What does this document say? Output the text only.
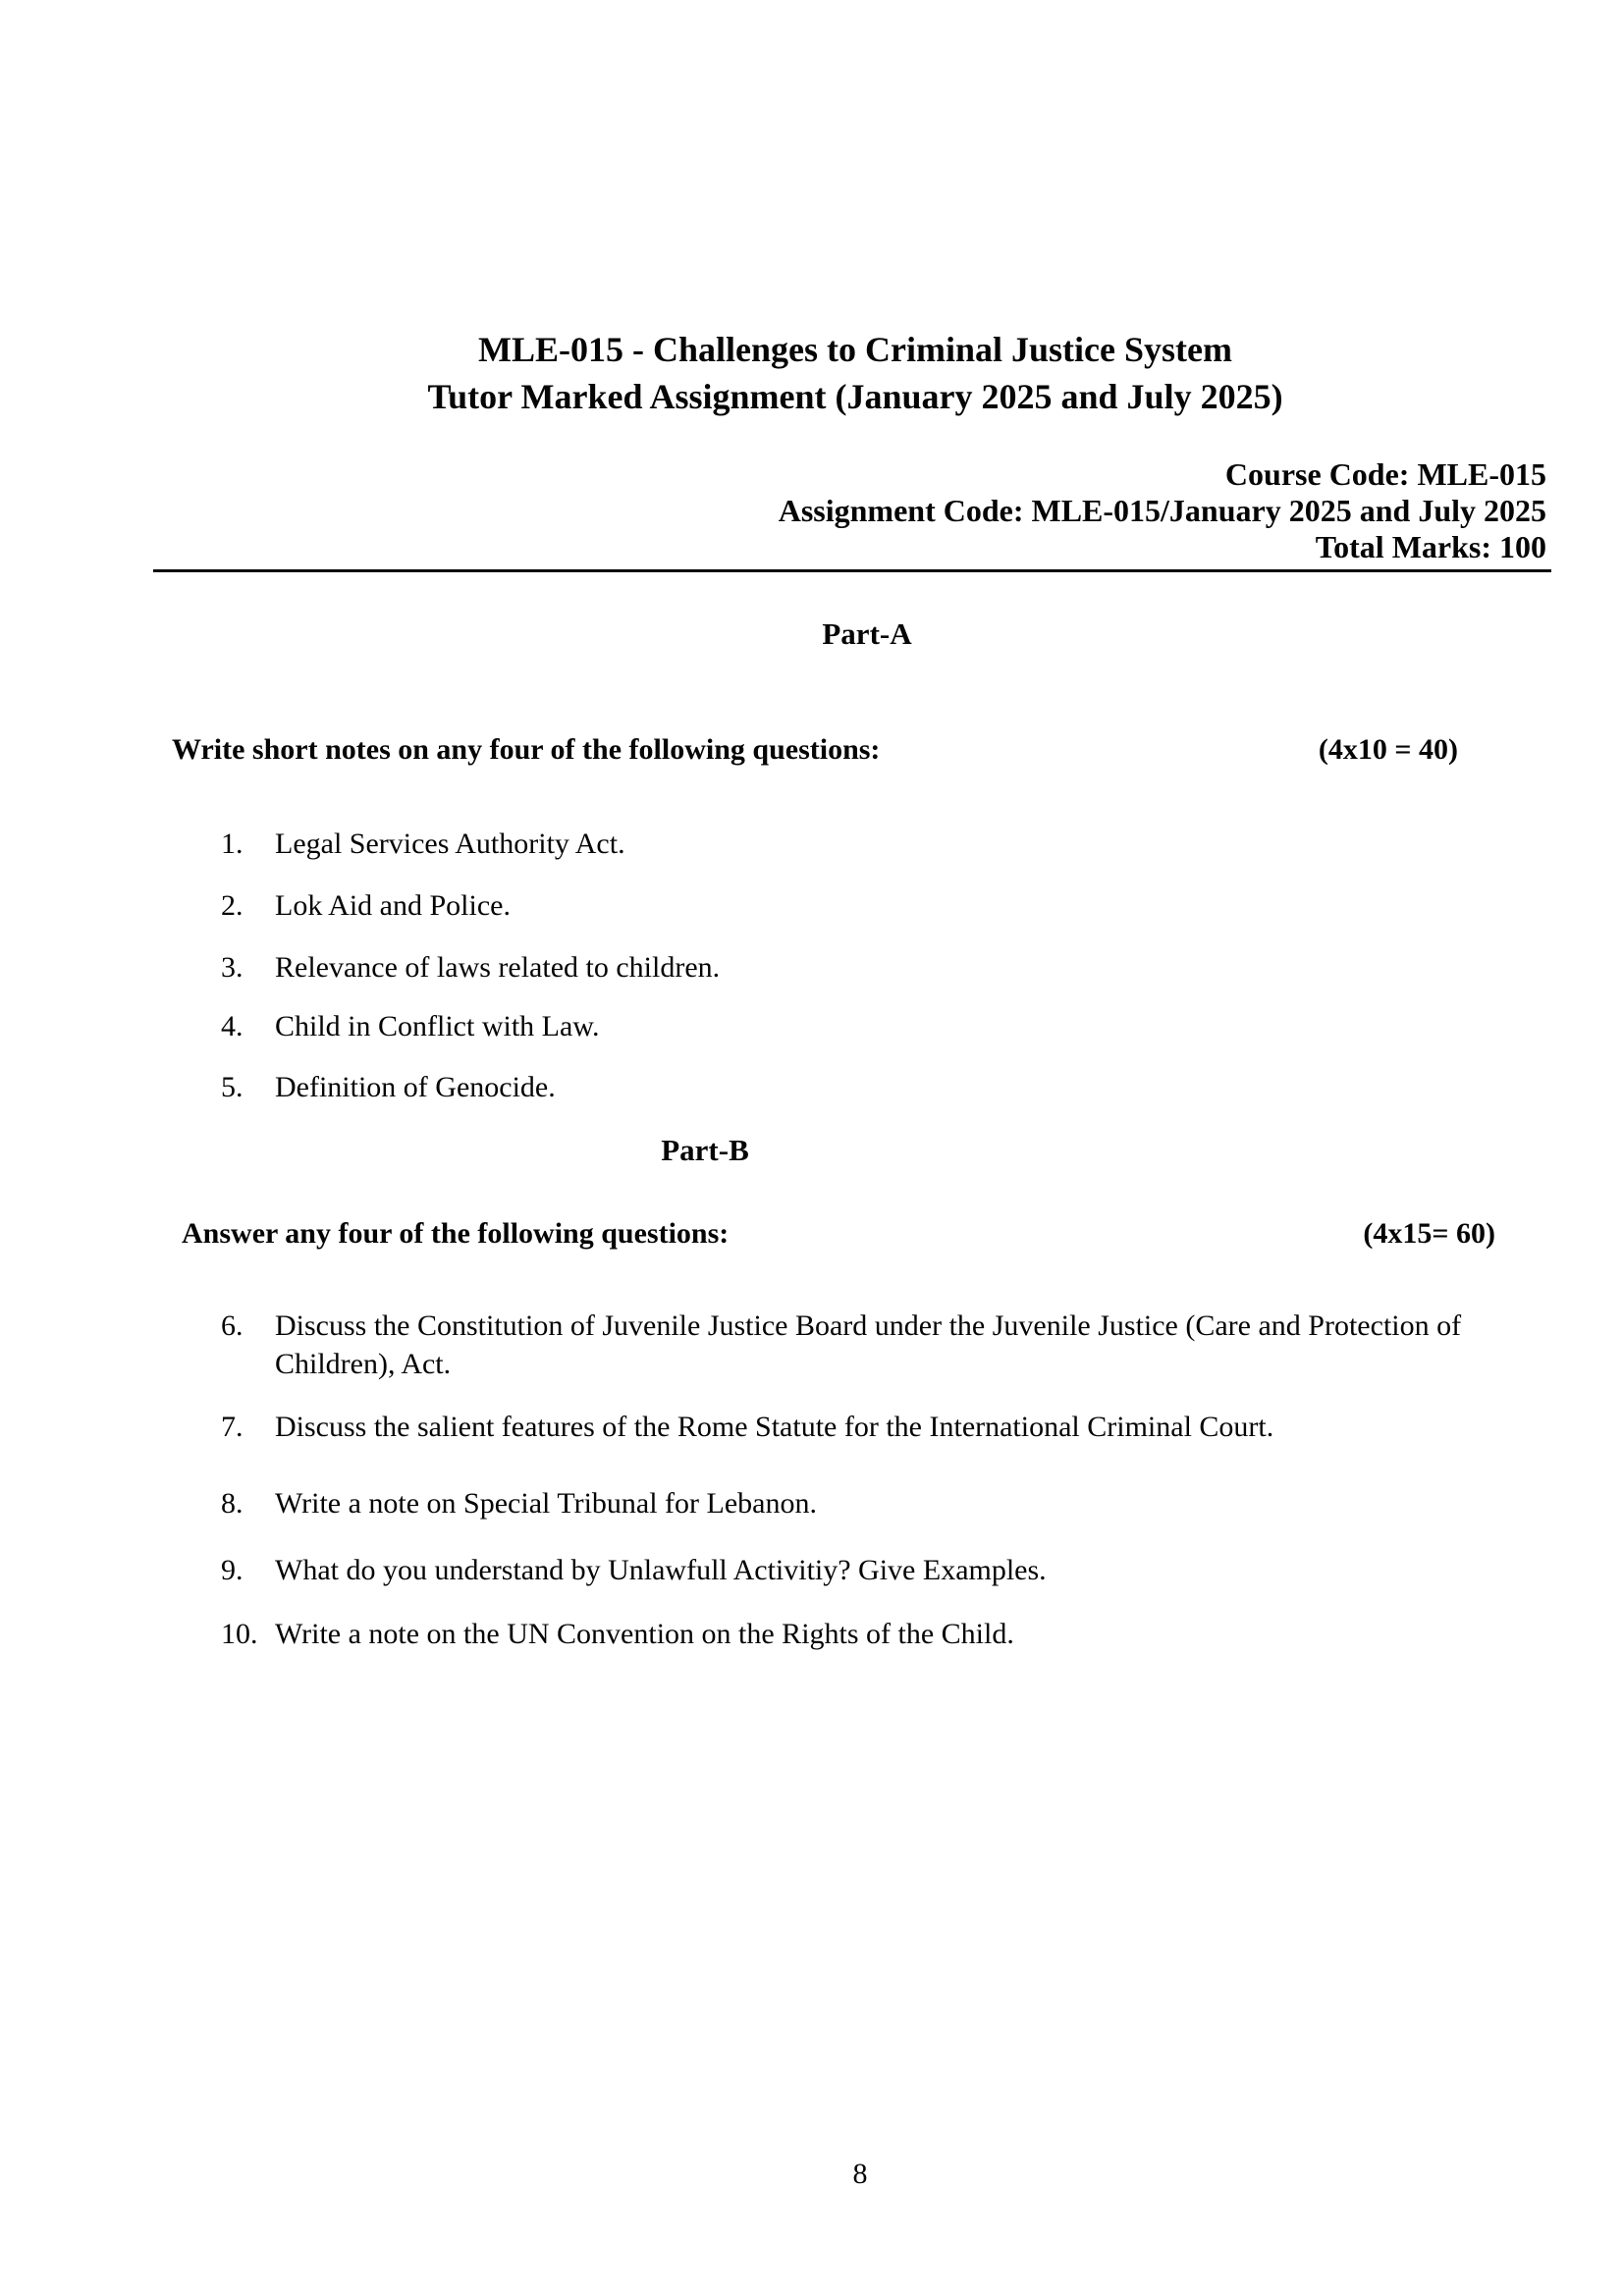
MLE-015 - Challenges to Criminal Justice System
Tutor Marked Assignment (January 2025 and July 2025)
Course Code: MLE-015
Assignment Code: MLE-015/January 2025 and July 2025
Total Marks: 100
Part-A
Write short notes on any four of the following questions:	(4x10 = 40)
1.	Legal Services Authority Act.
2.	Lok Aid and Police.
3.	Relevance of laws related to children.
4.	Child in Conflict with Law.
5.	Definition of Genocide.
Part-B
Answer any four of the following questions:	(4x15= 60)
6.	Discuss the Constitution of Juvenile Justice Board under the Juvenile Justice (Care and Protection of Children), Act.
7.	Discuss the salient features of the Rome Statute for the International Criminal Court.
8.	Write a note on Special Tribunal for Lebanon.
9.	What do you understand by Unlawfull Activitiy? Give Examples.
10. Write a note on the UN Convention on the Rights of the Child.
8
